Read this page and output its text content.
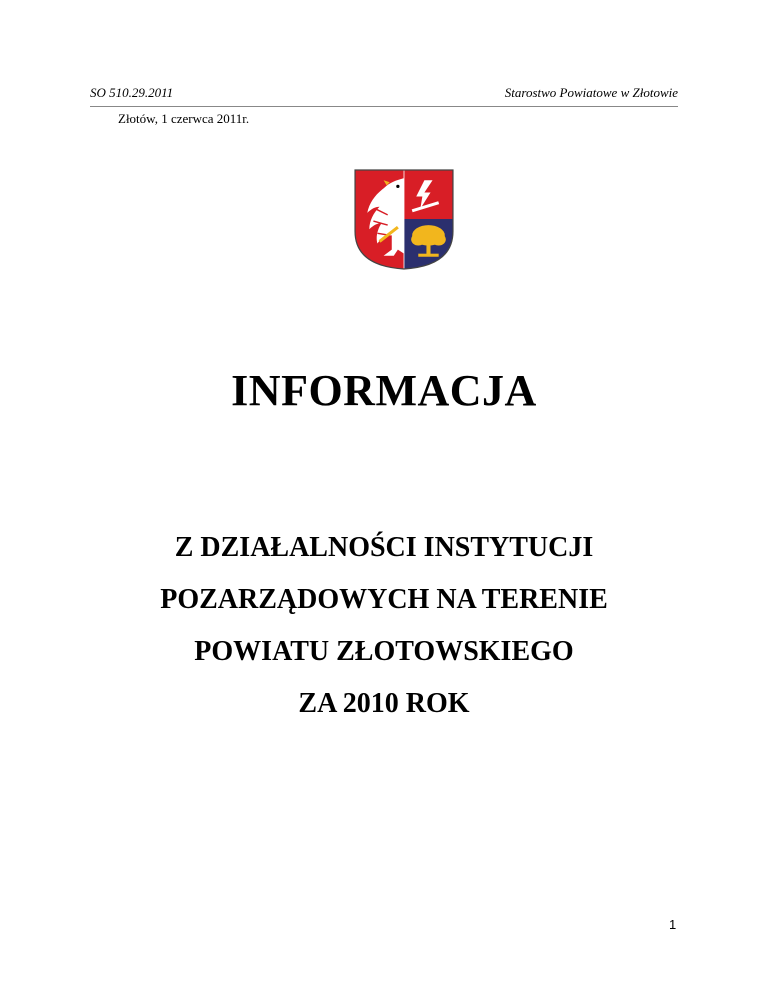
SO 510.29.2011	Starostwo Powiatowe w Złotowie
Złotów, 1 czerwca 2011r.
INFORMACJA
Z DZIAŁALNOŚCI INSTYTUCJI
POZARZĄDOWYCH NA TERENIE
POWIATU ZŁOTOWSKIEGO
ZA 2010 ROK
1
